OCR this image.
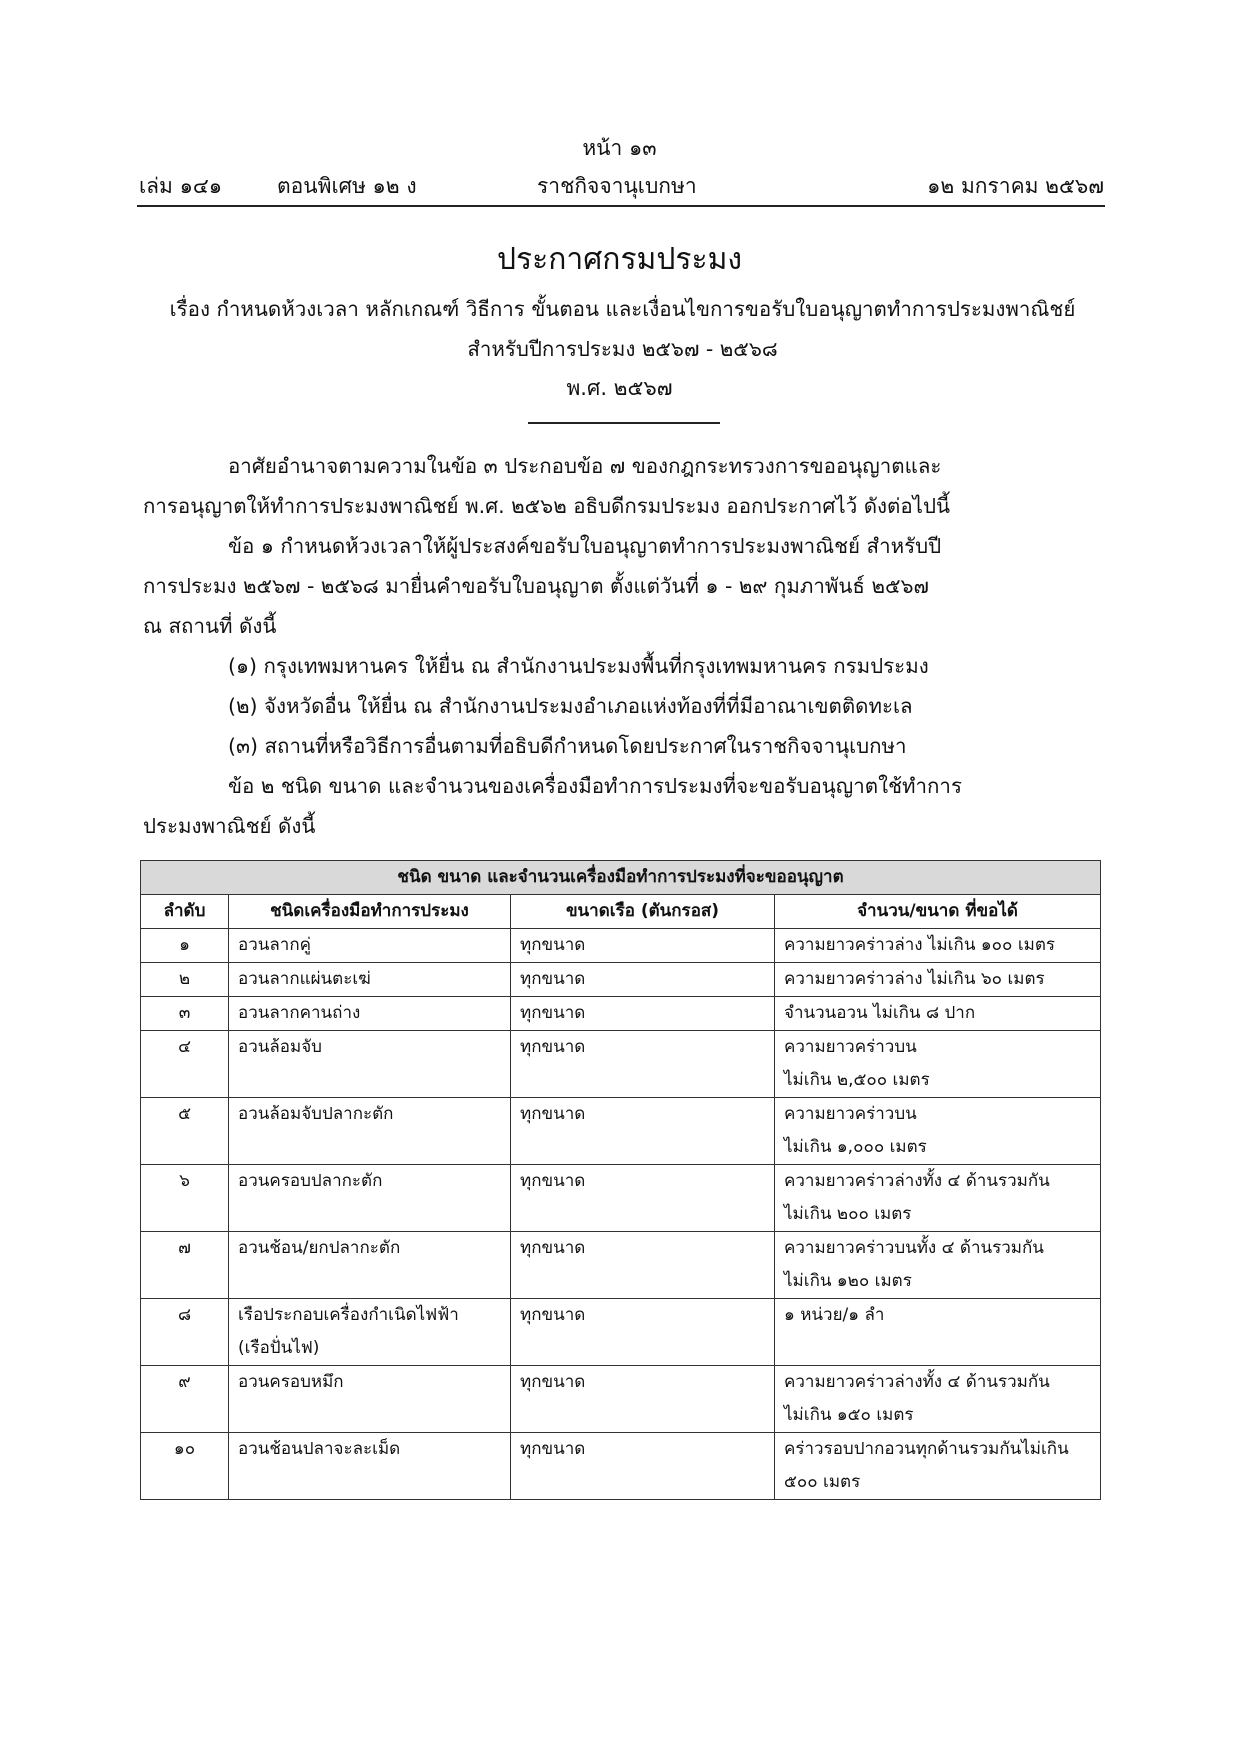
หน้า ๑๓
เล่ม ๑๔๑	ตอนพิเศษ ๑๒ ง	ราชกิจจานุเบกษา	๑๒ มกราคม ๒๕๖๗
ประกาศกรมประมง
เรื่อง กำหนดห้วงเวลา หลักเกณฑ์ วิธีการ ขั้นตอน และเงื่อนไขการขอรับใบอนุญาตทำการประมงพาณิชย์
สำหรับปีการประมง ๒๕๖๗ - ๒๕๖๘
พ.ศ. ๒๕๖๗
อาศัยอำนาจตามความในข้อ ๓ ประกอบข้อ ๗ ของกฎกระทรวงการขออนุญาตและ
การอนุญาตให้ทำการประมงพาณิชย์ พ.ศ. ๒๕๖๒ อธิบดีกรมประมง ออกประกาศไว้ ดังต่อไปนี้
ข้อ ๑ กำหนดห้วงเวลาให้ผู้ประสงค์ขอรับใบอนุญาตทำการประมงพาณิชย์ สำหรับปี
การประมง ๒๕๖๗ - ๒๕๖๘ มายื่นคำขอรับใบอนุญาต ตั้งแต่วันที่ ๑ - ๒๙ กุมภาพันธ์ ๒๕๖๗
ณ สถานที่ ดังนี้
(๑) กรุงเทพมหานคร ให้ยื่น ณ สำนักงานประมงพื้นที่กรุงเทพมหานคร กรมประมง
(๒) จังหวัดอื่น ให้ยื่น ณ สำนักงานประมงอำเภอแห่งท้องที่ที่มีอาณาเขตติดทะเล
(๓) สถานที่หรือวิธีการอื่นตามที่อธิบดีกำหนดโดยประกาศในราชกิจจานุเบกษา
ข้อ ๒ ชนิด ขนาด และจำนวนของเครื่องมือทำการประมงที่จะขอรับอนุญาตใช้ทำการ
ประมงพาณิชย์ ดังนี้
ชนิด ขนาด และจำนวนเครื่องมือทำการประมงที่จะขออนุญาต			
ลำดับ	ชนิดเครื่องมือทำการประมง	ขนาดเรือ (ตันกรอส)	จำนวน/ขนาด ที่ขอได้
๑	อวนลากคู่	ทุกขนาด	ความยาวคร่าวล่าง ไม่เกิน ๑๐๐ เมตร
๒	อวนลากแผ่นตะเฆ่	ทุกขนาด	ความยาวคร่าวล่าง ไม่เกิน ๖๐ เมตร
๓	อวนลากคานถ่าง	ทุกขนาด	จำนวนอวน ไม่เกิน ๘ ปาก
๔	อวนล้อมจับ	ทุกขนาด	ความยาวคร่าวบน
ไม่เกิน ๒,๕๐๐ เมตร

๕	อวนล้อมจับปลากะตัก	ทุกขนาด	ความยาวคร่าวบน
ไม่เกิน ๑,๐๐๐ เมตร

๖	อวนครอบปลากะตัก	ทุกขนาด	ความยาวคร่าวล่างทั้ง ๔ ด้านรวมกัน
ไม่เกิน ๒๐๐ เมตร

๗	อวนช้อน/ยกปลากะตัก	ทุกขนาด	ความยาวคร่าวบนทั้ง ๔ ด้านรวมกัน
ไม่เกิน ๑๒๐ เมตร

๘	เรือประกอบเครื่องกำเนิดไฟฟ้า
(เรือปั่นไฟ)	ทุกขนาด	๑ หน่วย/๑ ลำ
๙	อวนครอบหมึก	ทุกขนาด	ความยาวคร่าวล่างทั้ง ๔ ด้านรวมกัน
ไม่เกิน ๑๕๐ เมตร

๑๐	อวนช้อนปลาจะละเม็ด	ทุกขนาด	คร่าวรอบปากอวนทุกด้านรวมกันไม่เกิน
๕๐๐ เมตร
